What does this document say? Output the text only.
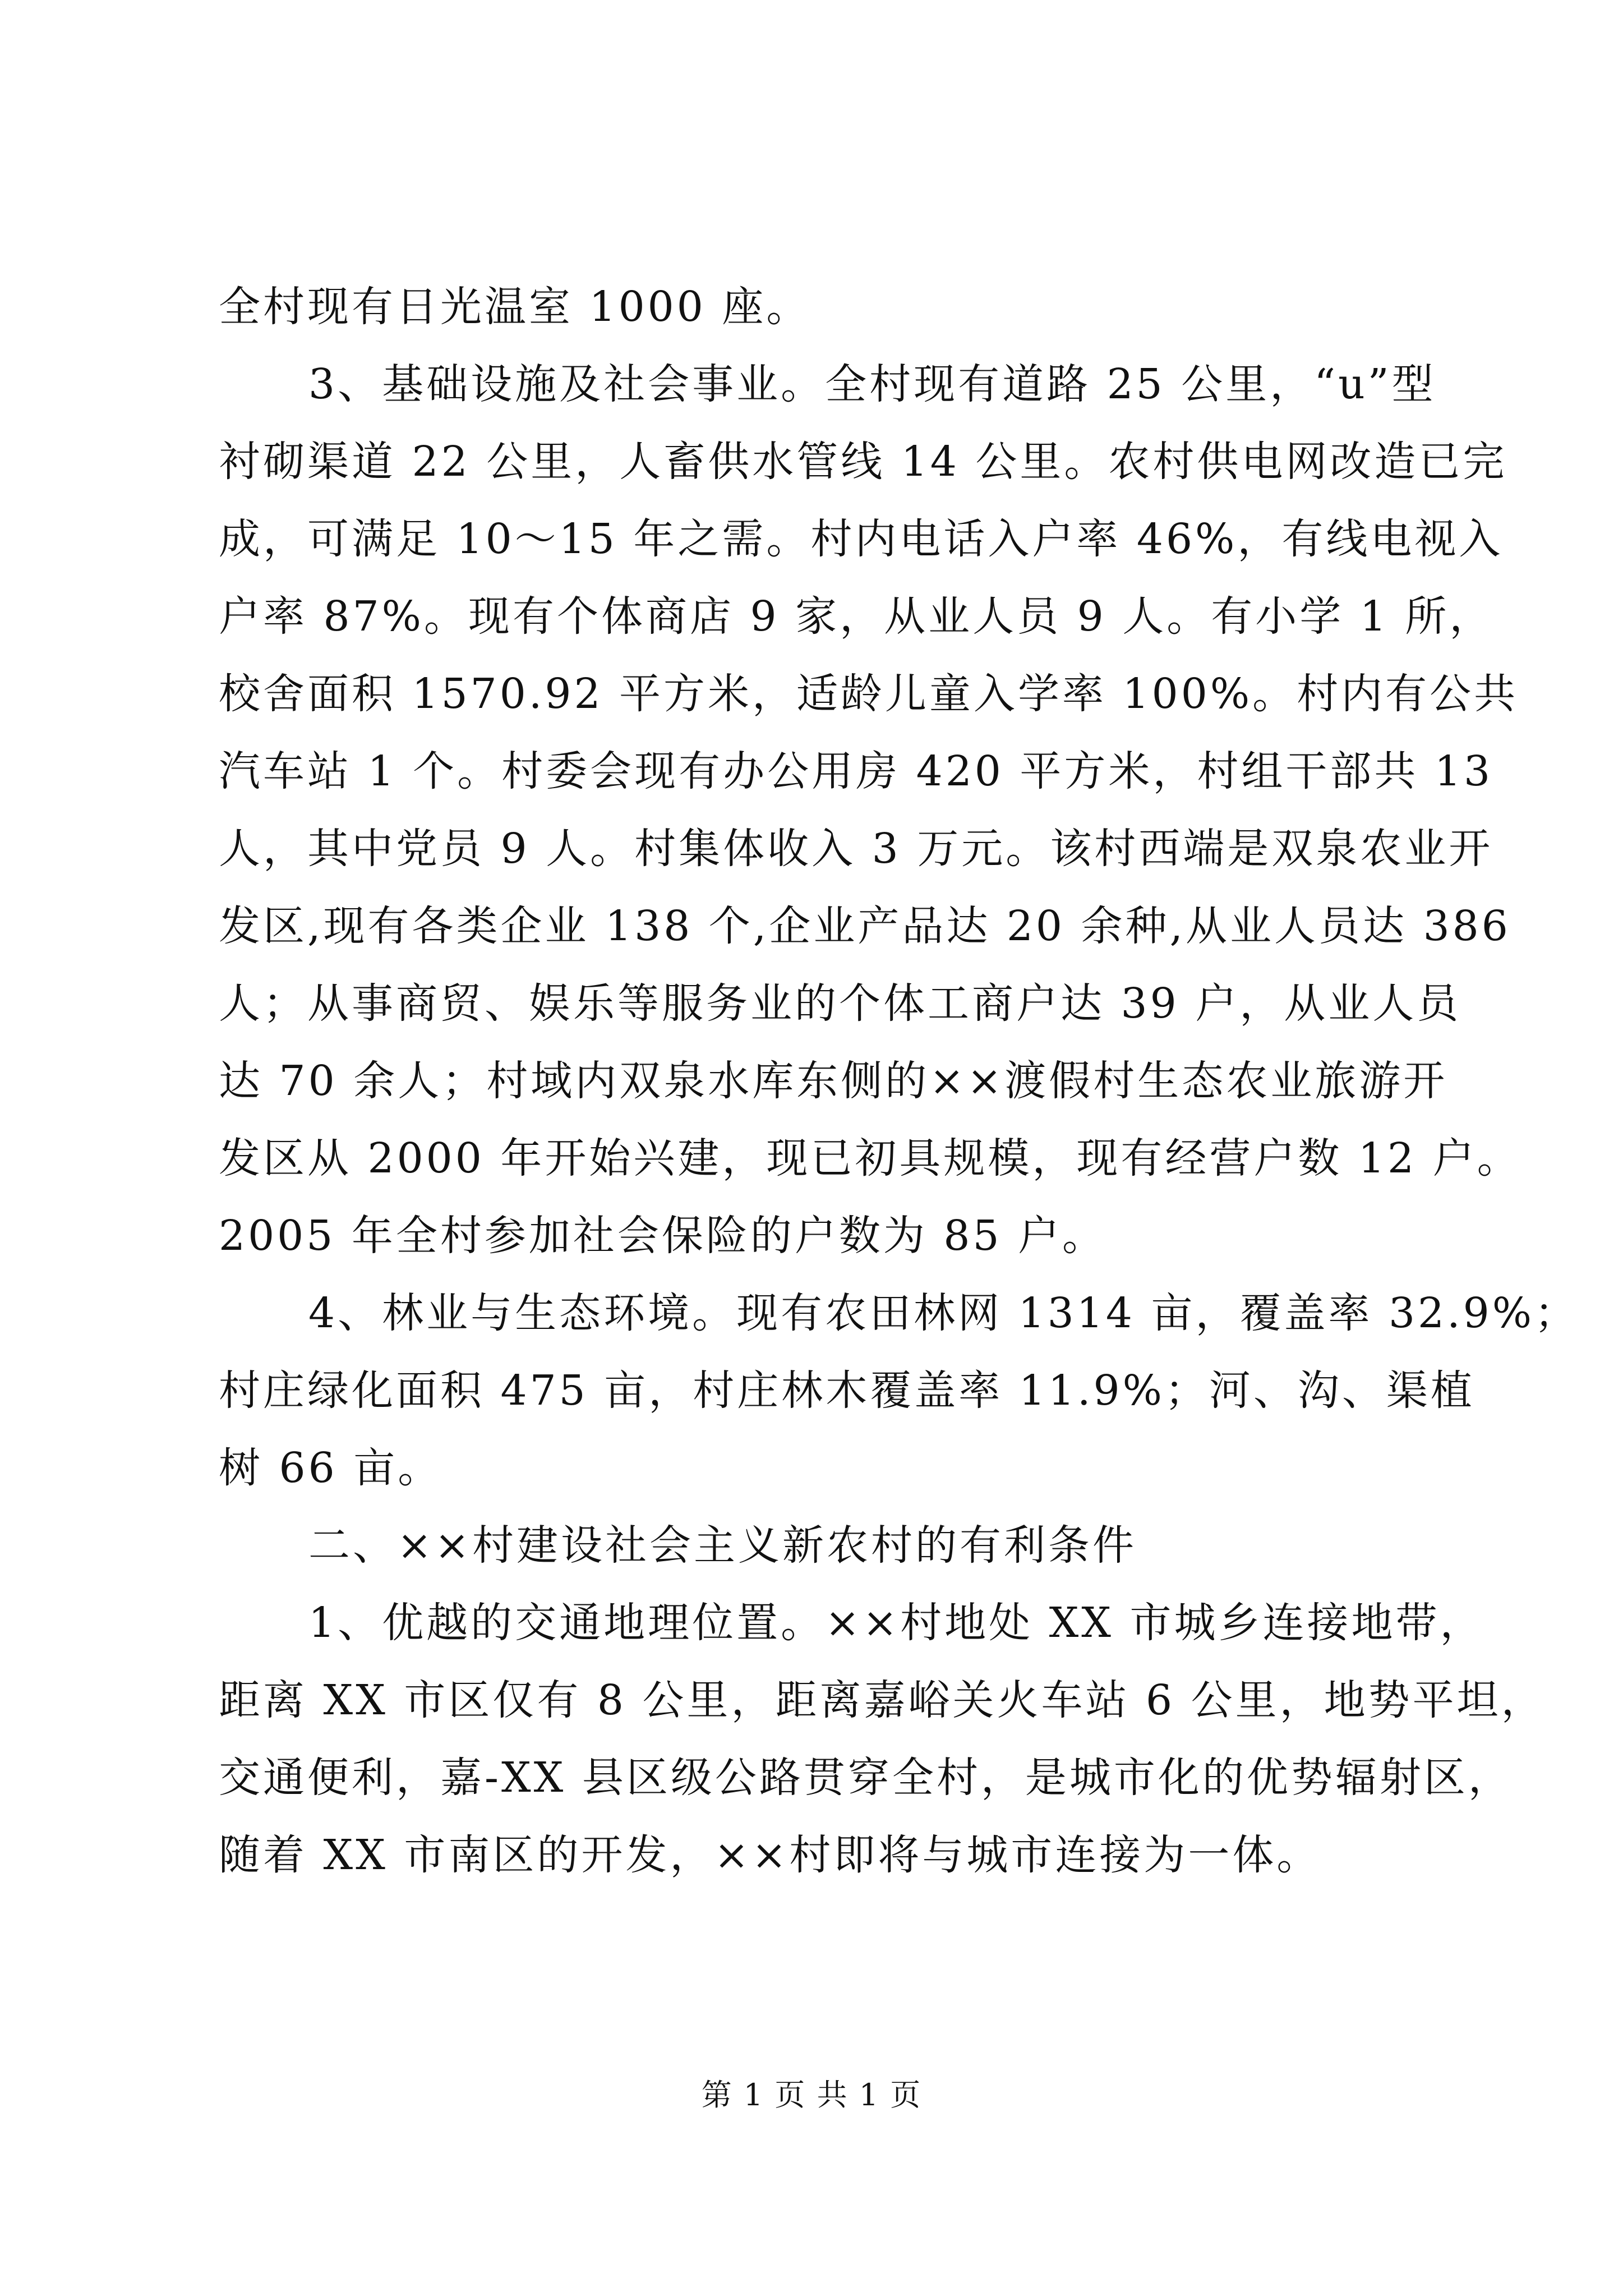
全村现有日光温室 1000 座。
3、基础设施及社会事业。全村现有道路 25 公里，“u”型
衬砌渠道 22 公里，人畜供水管线 14 公里。农村供电网改造已完
成，可满足 10～15 年之需。村内电话入户率 46%，有线电视入
户率 87%。现有个体商店 9 家，从业人员 9 人。有小学 1 所，
校舍面积 1570.92 平方米，适龄儿童入学率 100%。村内有公共
汽车站 1 个。村委会现有办公用房 420 平方米，村组干部共 13
人，其中党员 9 人。村集体收入 3 万元。该村西端是双泉农业开
发区,现有各类企业 138 个,企业产品达 20 余种,从业人员达 386
人；从事商贸、娱乐等服务业的个体工商户达 39 户，从业人员
达 70 余人；村域内双泉水库东侧的××渡假村生态农业旅游开
发区从 2000 年开始兴建，现已初具规模，现有经营户数 12 户。
2005 年全村参加社会保险的户数为 85 户。
4、林业与生态环境。现有农田林网 1314 亩，覆盖率 32.9%；
村庄绿化面积 475 亩，村庄林木覆盖率 11.9%；河、沟、渠植
树 66 亩。
二、××村建设社会主义新农村的有利条件
1、优越的交通地理位置。××村地处 XX 市城乡连接地带，
距离 XX 市区仅有 8 公里，距离嘉峪关火车站 6 公里，地势平坦，
交通便利，嘉-XX 县区级公路贯穿全村，是城市化的优势辐射区，
随着 XX 市南区的开发，××村即将与城市连接为一体。
第 1 页 共 1 页
